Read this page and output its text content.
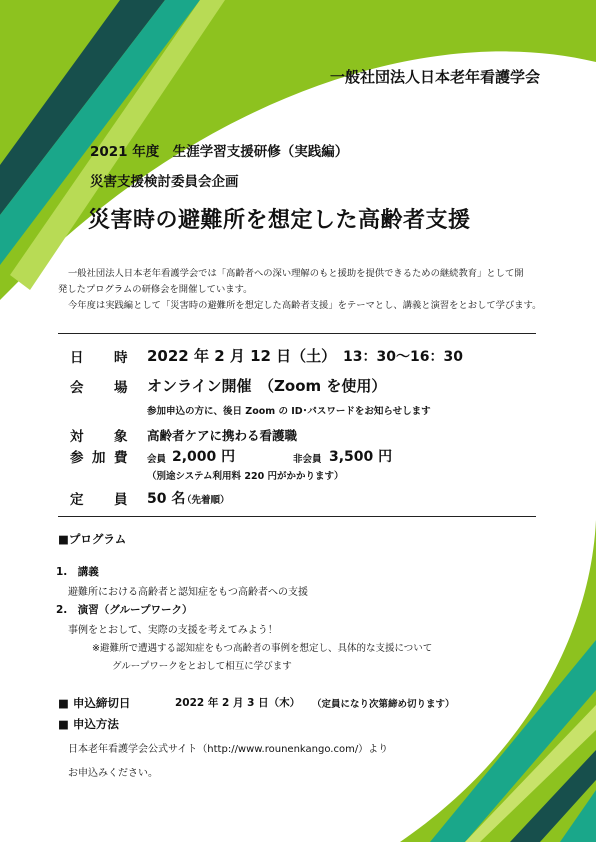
一般社団法人日本老年看護学会
2021 年度　生涯学習支援研修（実践編）
災害支援検討委員会企画
災害時の避難所を想定した高齢者支援
一般社団法人日本老年看護学会では「高齢者への深い理解のもと援助を提供できるための継続教育」として開
発したプログラムの研修会を開催しています。
今年度は実践編として「災害時の避難所を想定した高齢者支援」をテーマとし、講義と演習をとおして学びます。
日 時 2022 年 2 月 12 日（土） 13：30～16：30
会 場 オンライン開催　（Zoom を使用）
参加申込の方に、後日 Zoom の ID･パスワードをお知らせします
対 象 高齢者ケアに携わる看護職
参 加 費 会員 2,000 円	非会員 3,500 円
（別途システム利用料 220 円がかかります）
定 員 50 名
（先着順）
■プログラム
1.　講義
避難所における高齢者と認知症をもつ高齢者への支援
2.　演習（グループワーク）
事例をとおして、実際の支援を考えてみよう！
※避難所で遭遇する認知症をもつ高齢者の事例を想定し、具体的な支援について
グループワークをとおして相互に学びます
■ 申込締切日	2022 年 2 月 3 日（木） （定員になり次第締め切ります）
■ 申込方法
日本老年看護学会公式サイト（http://www.rounenkango.com/）より
お申込みください。
